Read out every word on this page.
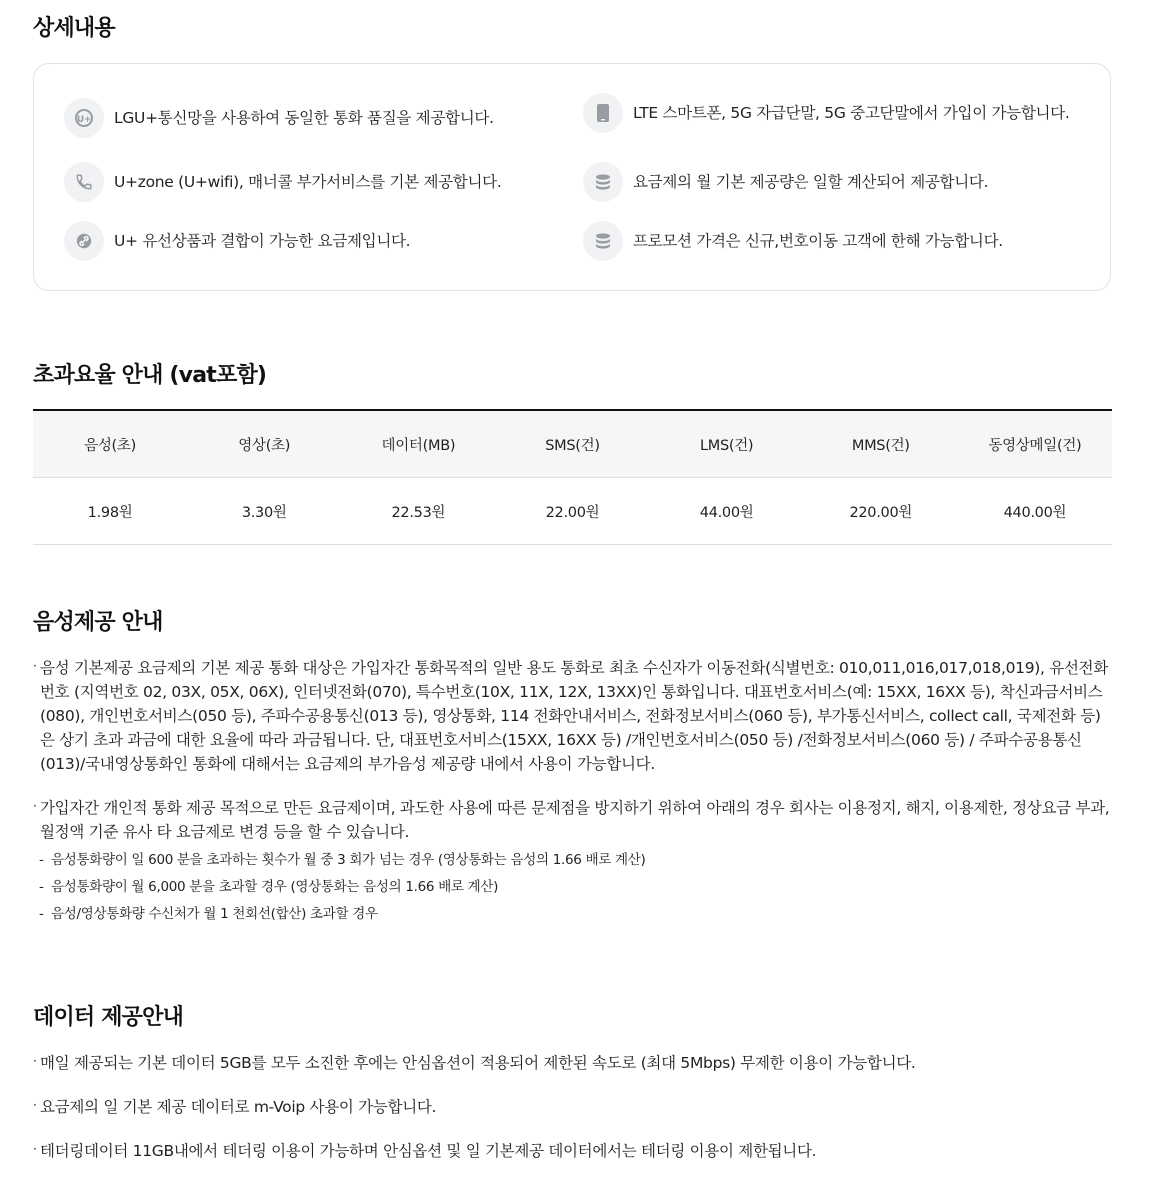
상세내용
U+ LGU+통신망을 사용하여 동일한 통화 품질을 제공합니다.
U+zone (U+wifi), 매너콜 부가서비스를 기본 제공합니다.
U+ 유선상품과 결합이 가능한 요금제입니다.
LTE 스마트폰, 5G 자급단말, 5G 중고단말에서 가입이 가능합니다.
요금제의 월 기본 제공량은 일할 계산되어 제공합니다.
프로모션 가격은 신규,번호이동 고객에 한해 가능합니다.
초과요율 안내 (vat포함)
음성(초)	영상(초)	데이터(MB)	SMS(건)	LMS(건)	MMS(건)	동영상메일(건)
1.98원	3.30원	22.53원	22.00원	44.00원	220.00원	440.00원
음성제공 안내
· 음성 기본제공 요금제의 기본 제공 통화 대상은 가입자간 통화목적의 일반 용도 통화로 최초 수신자가 이동전화(식별번호: 010,011,016,017,018,019), 유선전화번호 (지역번호 02, 03X, 05X, 06X), 인터넷전화(070), 특수번호(10X, 11X, 12X, 13XX)인 통화입니다. 대표번호서비스(예: 15XX, 16XX 등), 착신과금서비스(080), 개인번호서비스(050 등), 주파수공용통신(013 등), 영상통화, 114 전화안내서비스, 전화정보서비스(060 등), 부가통신서비스, collect call, 국제전화 등)은 상기 초과 과금에 대한 요율에 따라 과금됩니다. 단, 대표번호서비스(15XX, 16XX 등) /개인번호서비스(050 등) /전화정보서비스(060 등) / 주파수공용통신(013)/국내영상통화인 통화에 대해서는 요금제의 부가음성 제공량 내에서 사용이 가능합니다.
· 가입자간 개인적 통화 제공 목적으로 만든 요금제이며, 과도한 사용에 따른 문제점을 방지하기 위하여 아래의 경우 회사는 이용정지, 해지, 이용제한, 정상요금 부과, 월정액 기준 유사 타 요금제로 변경 등을 할 수 있습니다.
- 음성통화량이 일 600 분을 초과하는 횟수가 월 중 3 회가 넘는 경우 (영상통화는 음성의 1.66 배로 계산)
- 음성통화량이 월 6,000 분을 초과할 경우 (영상통화는 음성의 1.66 배로 계산)
- 음성/영상통화량 수신처가 월 1 천회선(합산) 초과할 경우
데이터 제공안내
· 매일 제공되는 기본 데이터 5GB를 모두 소진한 후에는 안심옵션이 적용되어 제한된 속도로 (최대 5Mbps) 무제한 이용이 가능합니다.
· 요금제의 일 기본 제공 데이터로 m-Voip 사용이 가능합니다.
· 테더링데이터 11GB내에서 테더링 이용이 가능하며 안심옵션 및 일 기본제공 데이터에서는 테더링 이용이 제한됩니다.
